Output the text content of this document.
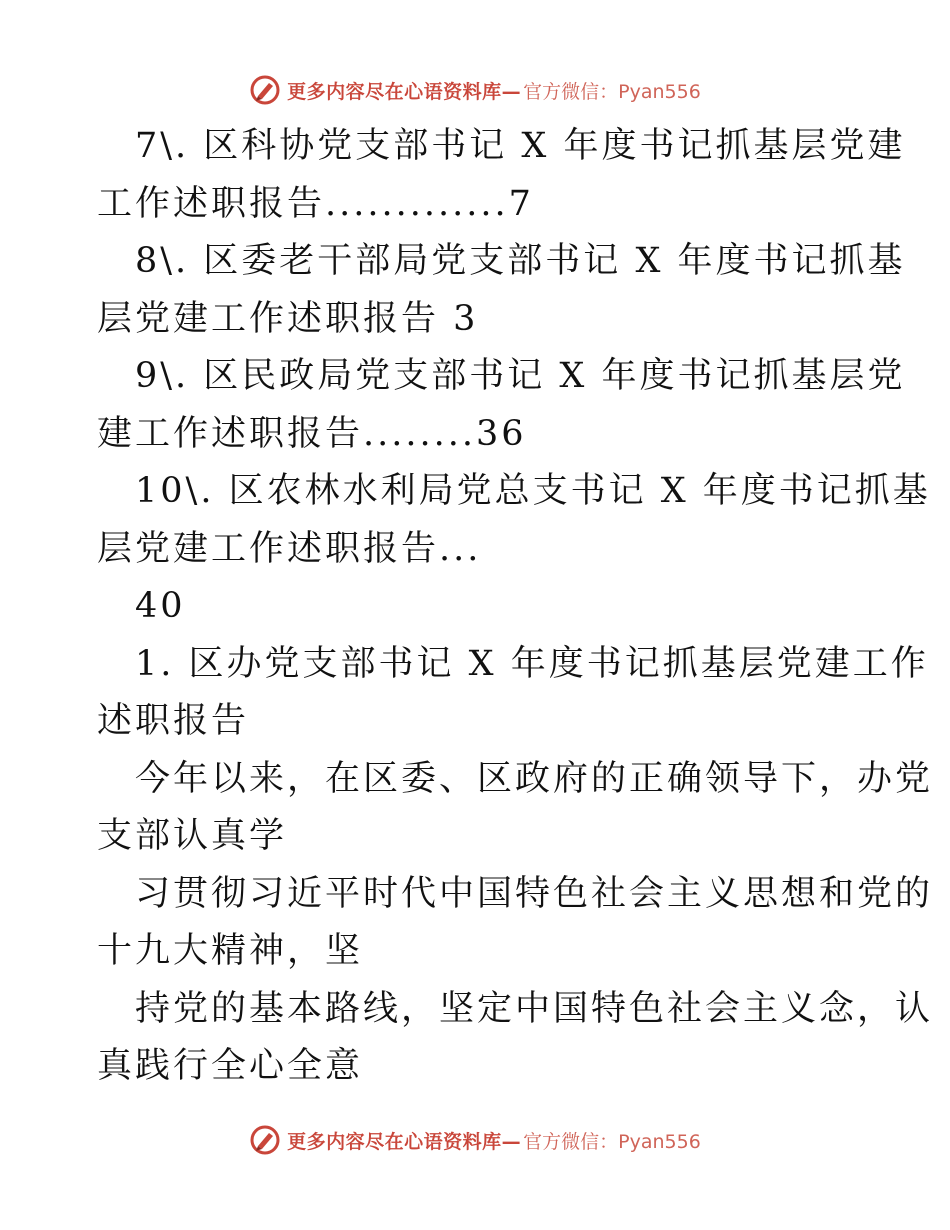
更多内容尽在心语资料库— 官方微信：Pyan556
7\. 区科协党支部书记 X 年度书记抓基层党建
工作述职报告.............7
8\. 区委老干部局党支部书记 X 年度书记抓基
层党建工作述职报告 3
9\. 区民政局党支部书记 X 年度书记抓基层党
建工作述职报告........36
10\. 区农林水利局党总支书记 X 年度书记抓基
层党建工作述职报告...
40
1. 区办党支部书记 X 年度书记抓基层党建工作
述职报告
今年以来，在区委、区政府的正确领导下，办党
支部认真学
习贯彻习近平时代中国特色社会主义思想和党的
十九大精神，坚
持党的基本路线，坚定中国特色社会主义念，认
真践行全心全意
更多内容尽在心语资料库— 官方微信：Pyan556
